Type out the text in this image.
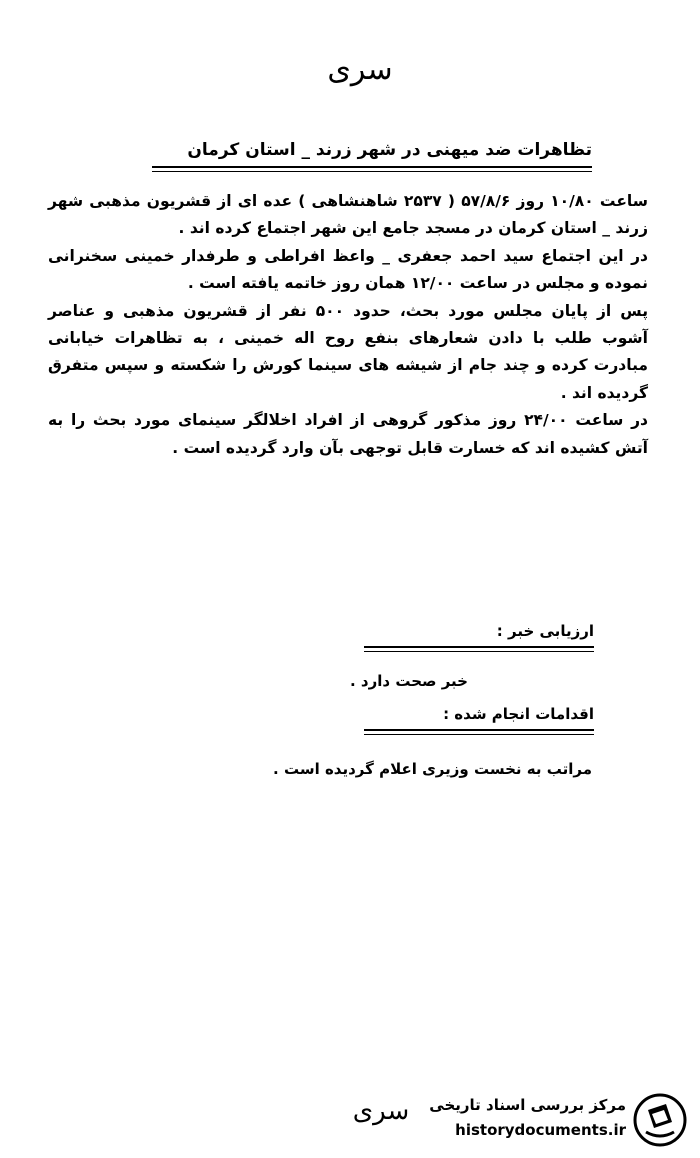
سری
تظاهرات ضد میهنی در شهر زرند _ استان کرمان

ساعت ۱۰/۸۰ روز ۵۷/۸/۶ ( ۲۵۳۷ شاهنشاهی ) عده ای از قشریون مذهبی شهر زرند _ استان کرمان در مسجد جامع این شهر اجتماع کرده اند .

در این اجتماع سید احمد جعفری _ واعظ افراطی و طرفدار خمینی سخنرانی نموده و مجلس در ساعت ۱۲/۰۰ همان روز خاتمه یافته است .

پس از پایان مجلس مورد بحث، حدود ۵۰۰ نفر از قشریون مذهبی و عناصر آشوب طلب با دادن شعارهای بنفع روح اله خمینی ، به تظاهرات خیابانی مبادرت کرده و چند جام از شیشه های سینما کورش را شکسته و سپس متفرق گردیده اند .

در ساعت ۲۴/۰۰ روز مذکور گروهی از افراد اخلالگر سینمای مورد بحث را به آتش کشیده اند که خسارت قابل توجهی بآن وارد گردیده است .

ارزیابی خبر :
خبر صحت دارد .
اقدامات انجام شده :
مراتب به نخست وزیری اعلام گردیده است .
سری	مرکز بررسی اسناد تاریخی
historydocuments.ir
